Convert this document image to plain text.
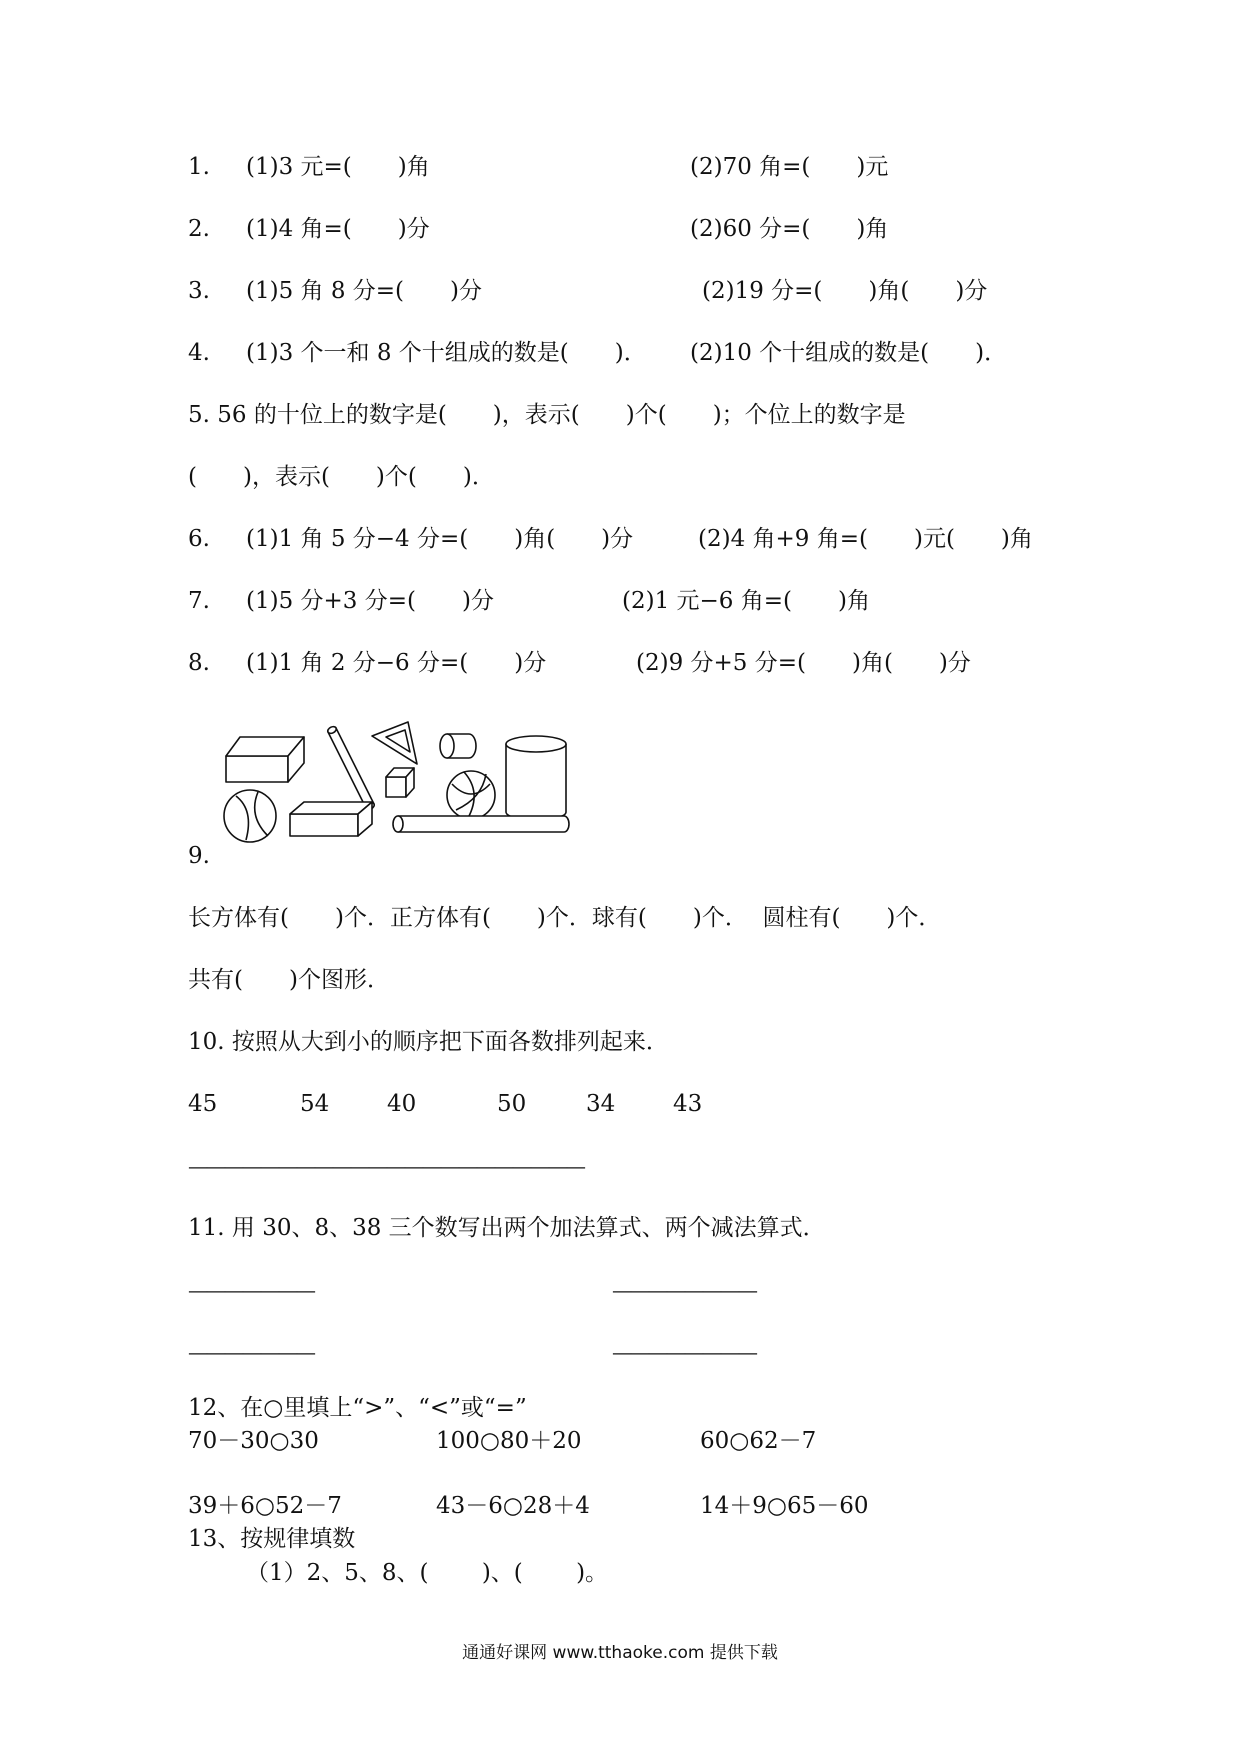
1. (1)3 元=(　　)角	(2)70 角=(　　)元
2. (1)4 角=(　　)分	(2)60 分=(　　)角
3. (1)5 角 8 分=(　　)分	(2)19 分=(　　)角(　　)分
4. (1)3 个一和 8 个十组成的数是(　　)． (2)10 个十组成的数是(　　)．
5. 56 的十位上的数字是(　　)，表示(　　)个(　　)；个位上的数字是
(　　)，表示(　　)个(　　)．
6. (1)1 角 5 分−4 分=(　　)角(　　)分	(2)4 角+9 角=(　　)元(　　)角
7. (1)5 分+3 分=(　　)分	(2)1 元−6 角=(　　)角
8. (1)1 角 2 分−6 分=(　　)分	(2)9 分+5 分=(　　)角(　　)分
9.
长方体有(　　)个．正方体有(　　)个．球有(　　)个．  圆柱有(　　)个．
共有(　　)个图形．
10. 按照从大到小的顺序把下面各数排列起来．
45	54	40	50	34	43
——————————————————————
11. 用 30、8、38 三个数写出两个加法算式、两个减法算式．
———————	————————
———————	————————
12、在○里填上“>”、“<”或“=”
70－30○30	100○80＋20	60○62－7
39＋6○52－7	43－6○28＋4	14＋9○65－60
13、按规律填数
（1）2、5、8、(　　 )、(　　 )。
通通好课网 www.tthaoke.com 提供下载
